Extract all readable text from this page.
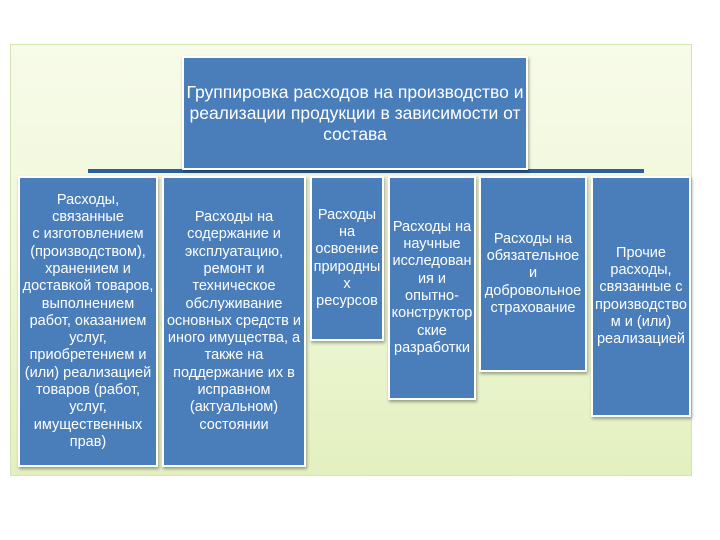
Группировка расходов на производство и
реализации продукции в зависимости от
состава
Расходы, связанные
с изготовлением
(производством),
хранением и
доставкой товаров,
выполнением
работ, оказанием
услуг,
приобретением и
(или) реализацией
товаров (работ,
услуг,
имущественных
прав)
Расходы на
содержание и
эксплуатацию,
ремонт и
техническое
обслуживание
основных средств и
иного имущества, а
также на
поддержание их в
исправном
(актуальном)
состоянии
Расходы
на
освоение
природны
х ресурсов
Расходы на
научные
исследован
ия и
опытно-
конструктор
ские
разработки
Расходы на
обязательное и
добровольное
страхование
Прочие
расходы,
связанные с
производство
м и (или)
реализацией
